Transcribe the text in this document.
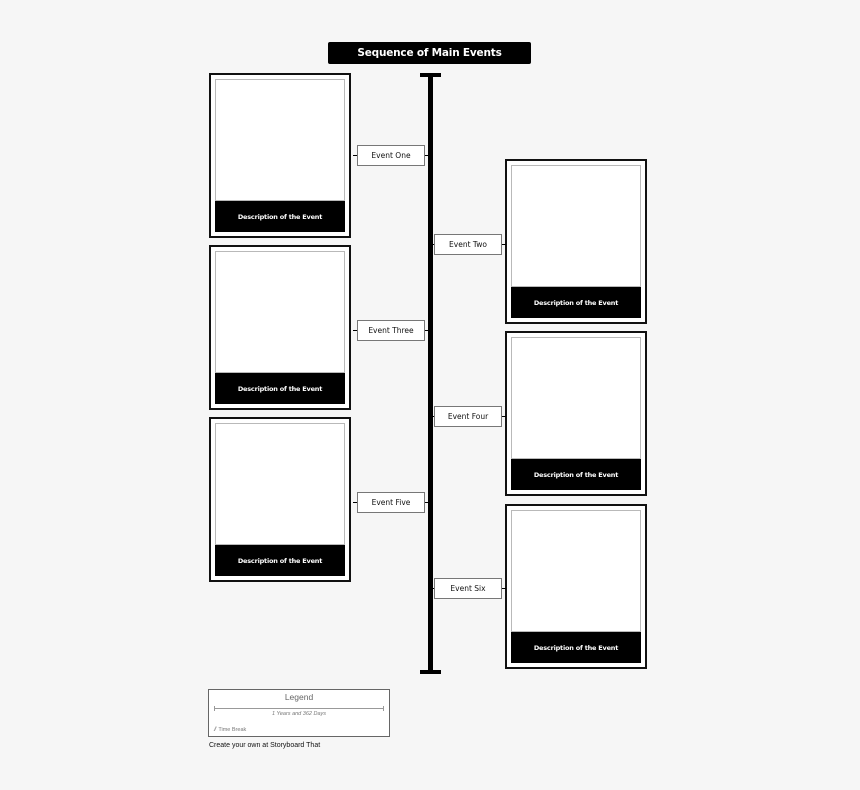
Sequence of Main Events
Description of the Event
Event One
Description of the Event
Event Two
Description of the Event
Event Three
Description of the Event
Event Four
Description of the Event
Event Five
Description of the Event
Event Six
Legend
1 Years and 362 Days
// Time Break
Create your own at Storyboard That
